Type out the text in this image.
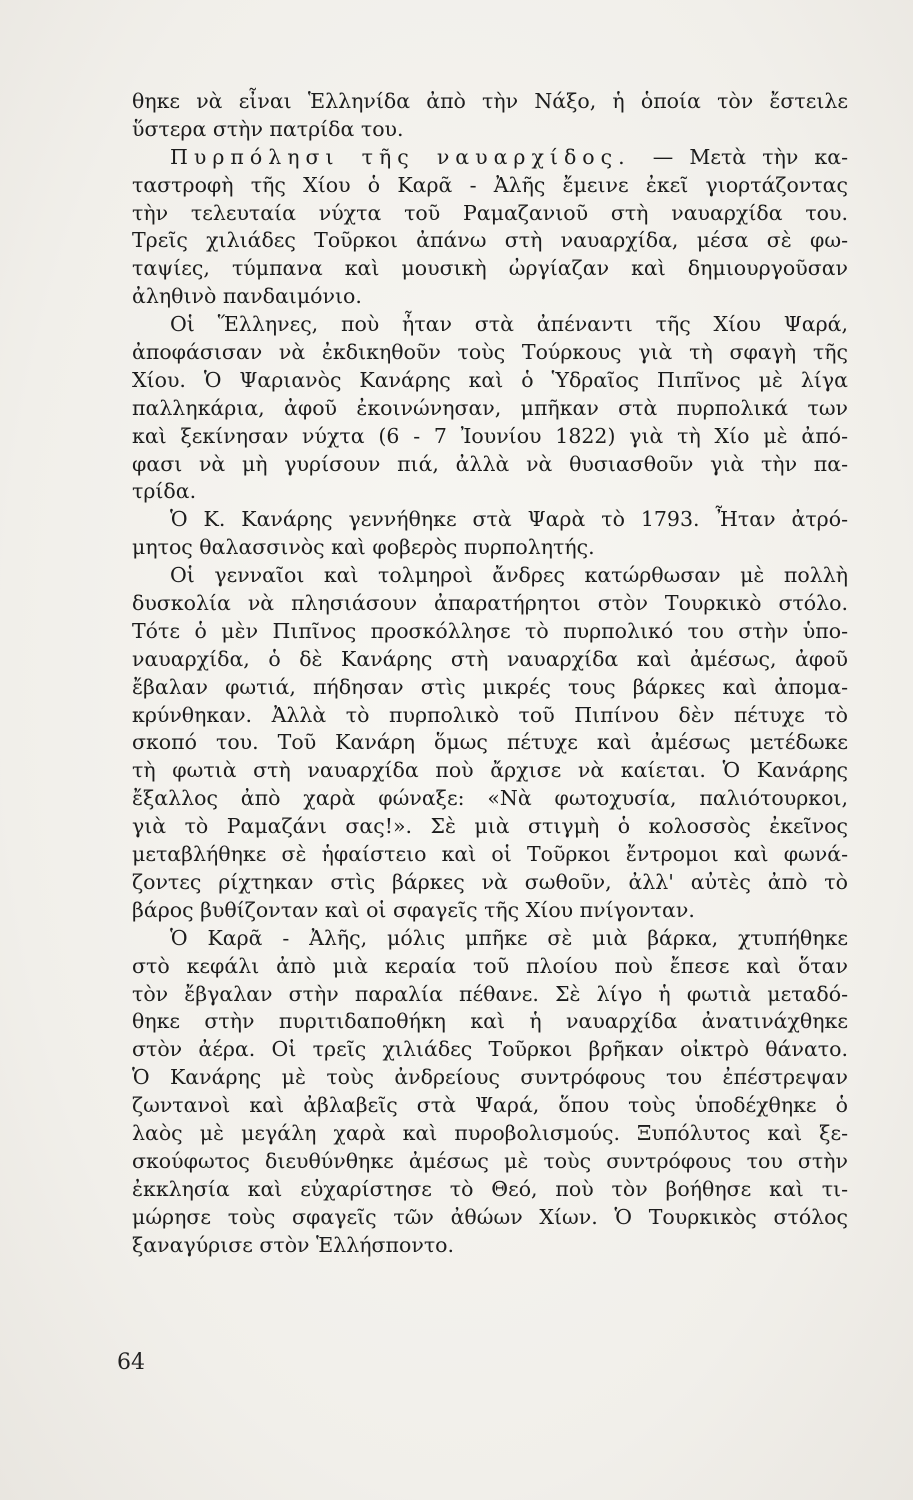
θηκε νὰ εἶναι Ἑλληνίδα ἀπὸ τὴν Νάξο, ἡ ὁποία τὸν ἔστειλε
ὕστερα στὴν πατρίδα του.
Πυρπόλησι τῆς ναυαρχίδος. — Μετὰ τὴν κα-
ταστροφὴ τῆς Χίου ὁ Καρᾶ - Ἀλῆς ἔμεινε ἐκεῖ γιορτάζοντας
τὴν τελευταία νύχτα τοῦ Ραμαζανιοῦ στὴ ναυαρχίδα του.
Τρεῖς χιλιάδες Τοῦρκοι ἀπάνω στὴ ναυαρχίδα, μέσα σὲ φω-
ταψίες, τύμπανα καὶ μουσικὴ ὠργίαζαν καὶ δημιουργοῦσαν
ἀληθινὸ πανδαιμόνιο.
Οἱ Ἕλληνες, ποὺ ἦταν στὰ ἀπέναντι τῆς Χίου Ψαρά,
ἀποφάσισαν νὰ ἐκδικηθοῦν τοὺς Τούρκους γιὰ τὴ σφαγὴ τῆς
Χίου. Ὁ Ψαριανὸς Κανάρης καὶ ὁ Ὑδραῖος Πιπῖνος μὲ λίγα
παλληκάρια, ἀφοῦ ἐκοινώνησαν, μπῆκαν στὰ πυρπολικά των
καὶ ξεκίνησαν νύχτα (6 - 7 Ἰουνίου 1822) γιὰ τὴ Χίο μὲ ἀπό-
φασι νὰ μὴ γυρίσουν πιά, ἀλλὰ νὰ θυσιασθοῦν γιὰ τὴν πα-
τρίδα.
Ὁ Κ. Κανάρης γεννήθηκε στὰ Ψαρὰ τὸ 1793. Ἦταν ἀτρό-
μητος θαλασσινὸς καὶ φοβερὸς πυρπολητής.
Οἱ γενναῖοι καὶ τολμηροὶ ἄνδρες κατώρθωσαν μὲ πολλὴ
δυσκολία νὰ πλησιάσουν ἀπαρατήρητοι στὸν Τουρκικὸ στόλο.
Τότε ὁ μὲν Πιπῖνος προσκόλλησε τὸ πυρπολικό του στὴν ὑπο-
ναυαρχίδα, ὁ δὲ Κανάρης στὴ ναυαρχίδα καὶ ἀμέσως, ἀφοῦ
ἔβαλαν φωτιά, πήδησαν στὶς μικρές τους βάρκες καὶ ἀπομα-
κρύνθηκαν. Ἀλλὰ τὸ πυρπολικὸ τοῦ Πιπίνου δὲν πέτυχε τὸ
σκοπό του. Τοῦ Κανάρη ὅμως πέτυχε καὶ ἀμέσως μετέδωκε
τὴ φωτιὰ στὴ ναυαρχίδα ποὺ ἄρχισε νὰ καίεται. Ὁ Κανάρης
ἔξαλλος ἀπὸ χαρὰ φώναξε: «Νὰ φωτοχυσία, παλιότουρκοι,
γιὰ τὸ Ραμαζάνι σας!». Σὲ μιὰ στιγμὴ ὁ κολοσσὸς ἐκεῖνος
μεταβλήθηκε σὲ ἡφαίστειο καὶ οἱ Τοῦρκοι ἔντρομοι καὶ φωνά-
ζοντες ρίχτηκαν στὶς βάρκες νὰ σωθοῦν, ἀλλ' αὐτὲς ἀπὸ τὸ
βάρος βυθίζονταν καὶ οἱ σφαγεῖς τῆς Χίου πνίγονταν.
Ὁ Καρᾶ - Ἀλῆς, μόλις μπῆκε σὲ μιὰ βάρκα, χτυπήθηκε
στὸ κεφάλι ἀπὸ μιὰ κεραία τοῦ πλοίου ποὺ ἔπεσε καὶ ὅταν
τὸν ἔβγαλαν στὴν παραλία πέθανε. Σὲ λίγο ἡ φωτιὰ μεταδό-
θηκε στὴν πυριτιδαποθήκη καὶ ἡ ναυαρχίδα ἀνατινάχθηκε
στὸν ἀέρα. Οἱ τρεῖς χιλιάδες Τοῦρκοι βρῆκαν οἰκτρὸ θάνατο.
Ὁ Κανάρης μὲ τοὺς ἀνδρείους συντρόφους του ἐπέστρεψαν
ζωντανοὶ καὶ ἀβλαβεῖς στὰ Ψαρά, ὅπου τοὺς ὑποδέχθηκε ὁ
λαὸς μὲ μεγάλη χαρὰ καὶ πυροβολισμούς. Ξυπόλυτος καὶ ξε-
σκούφωτος διευθύνθηκε ἀμέσως μὲ τοὺς συντρόφους του στὴν
ἐκκλησία καὶ εὐχαρίστησε τὸ Θεό, ποὺ τὸν βοήθησε καὶ τι-
μώρησε τοὺς σφαγεῖς τῶν ἀθώων Χίων. Ὁ Τουρκικὸς στόλος
ξαναγύρισε στὸν Ἑλλήσποντο.
64
